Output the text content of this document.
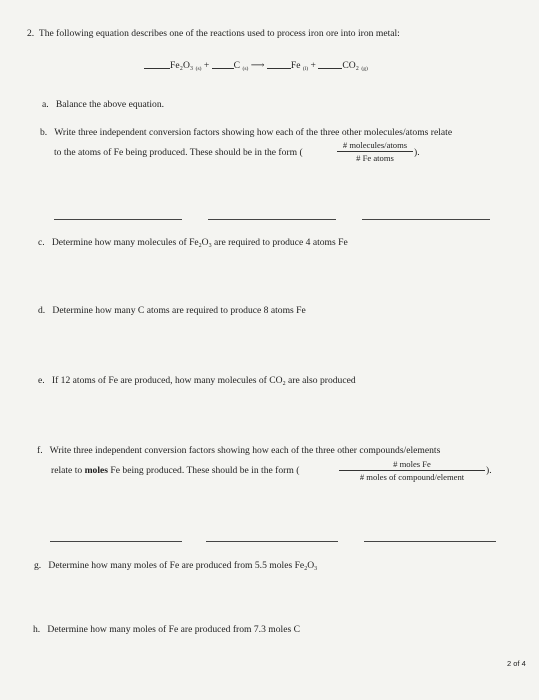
2. The following equation describes one of the reactions used to process iron ore into iron metal:
Fe₂O₃ $_{(s)}$ +	C $_{(s)}$ ⟶	Fe $_{(l)}$ +	CO₂ $_{(g)}$
a. Balance the above equation.
b. Write three independent conversion factors showing how each of the three other molecules/atoms relate
to the atoms of Fe being produced. These should be in the form (
# molecules/atoms
# Fe atoms	).
c. Determine how many molecules of $Fe_2O_3$ are required to produce 4 atoms Fe
d. Determine how many C atoms are required to produce 8 atoms Fe
e. If 12 atoms of Fe are produced, how many molecules of $CO_2$ are also produced
f. Write three independent conversion factors showing how each of the three other compounds/elements
relate to moles Fe being produced. These should be in the form (
# moles Fe
# moles of compound/element
).
g. Determine how many moles of Fe are produced from 5.5 moles $Fe_2O_3$
h. Determine how many moles of Fe are produced from 7.3 moles C
2 of 4
